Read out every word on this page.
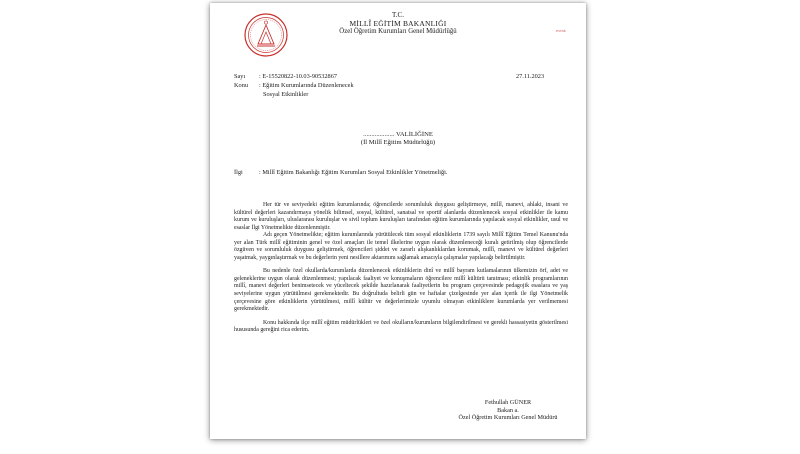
evrak
T.C.
MİLLÎ EĞİTİM BAKANLIĞI
Özel Öğretim Kurumları Genel Müdürlüğü
Sayı : E-15520822-10.03-90532867	27.11.2023
Konu : Eğitim Kurumlarında Düzenlenecek
Sosyal Etkinlikler
................... VALİLİĞİNE
(İl Millî Eğitim Müdürlüğü)
İlgi	: Millî Eğitim Bakanlığı Eğitim Kurumları Sosyal Etkinlikler Yönetmeliği.

Her tür ve seviyedeki eğitim kurumlarında; öğrencilerde sorumluluk duygusu geliştirmeye, millî, manevi, ahlaki, insani ve kültürel değerleri kazandırmaya yönelik bilimsel, sosyal, kültürel, sanatsal ve sportif alanlarda düzenlenecek sosyal etkinlikler ile kamu kurum ve kuruluşları, uluslararası kuruluşlar ve sivil toplum kuruluşları tarafından eğitim kurumlarında yapılacak sosyal etkinlikler, usul ve esaslar İlgi Yönetmelikte düzenlenmiştir.

Adı geçen Yönetmelikte; eğitim kurumlarında yürütülecek tüm sosyal etkinliklerin 1739 sayılı Millî Eğitim Temel Kanunu'nda yer alan Türk millî eğitiminin genel ve özel amaçları ile temel ilkelerine uygun olarak düzenleneceği kuralı getirilmiş olup öğrencilerde özgüven ve sorumluluk duygusu geliştirmek, öğrencileri şiddet ve zararlı alışkanlıklardan korumak, millî, manevi ve kültürel değerleri yaşatmak, yaygınlaştırmak ve bu değerlerin yeni nesillere aktarımını sağlamak amacıyla çalışmalar yapılacağı belirtilmiştir.

Bu nedenle özel okullarda/kurumlarda düzenlenecek etkinliklerin dinî ve millî bayram kutlamalarının ülkemizin örf, adet ve geleneklerine uygun olarak düzenlenmesi; yapılacak faaliyet ve konuşmaların öğrencilere millî kültürü tanıtması; etkinlik programlarının millî, manevi değerleri benimsetecek ve yüceltecek şekilde hazırlanarak faaliyetlerin bu program çerçevesinde pedagojik esaslara ve yaş seviyelerine uygun yürütülmesi gerekmektedir. Bu doğrultuda belirli gün ve haftalar çizelgesinde yer alan içerik ile ilgi Yönetmelik çerçevesine göre etkinliklerin yürütülmesi, millî kültür ve değerlerimizle uyumlu olmayan etkinliklere kurumlarda yer verilmemesi gerekmektedir.

Konu hakkında ilçe millî eğitim müdürlükleri ve özel okulların/kurumların bilgilendirilmesi ve gerekli hassasiyetin gösterilmesi hususunda gereğini rica ederim.

Fethullah GÜNER
Bakan a.
Özel Öğretim Kurumları Genel Müdürü
